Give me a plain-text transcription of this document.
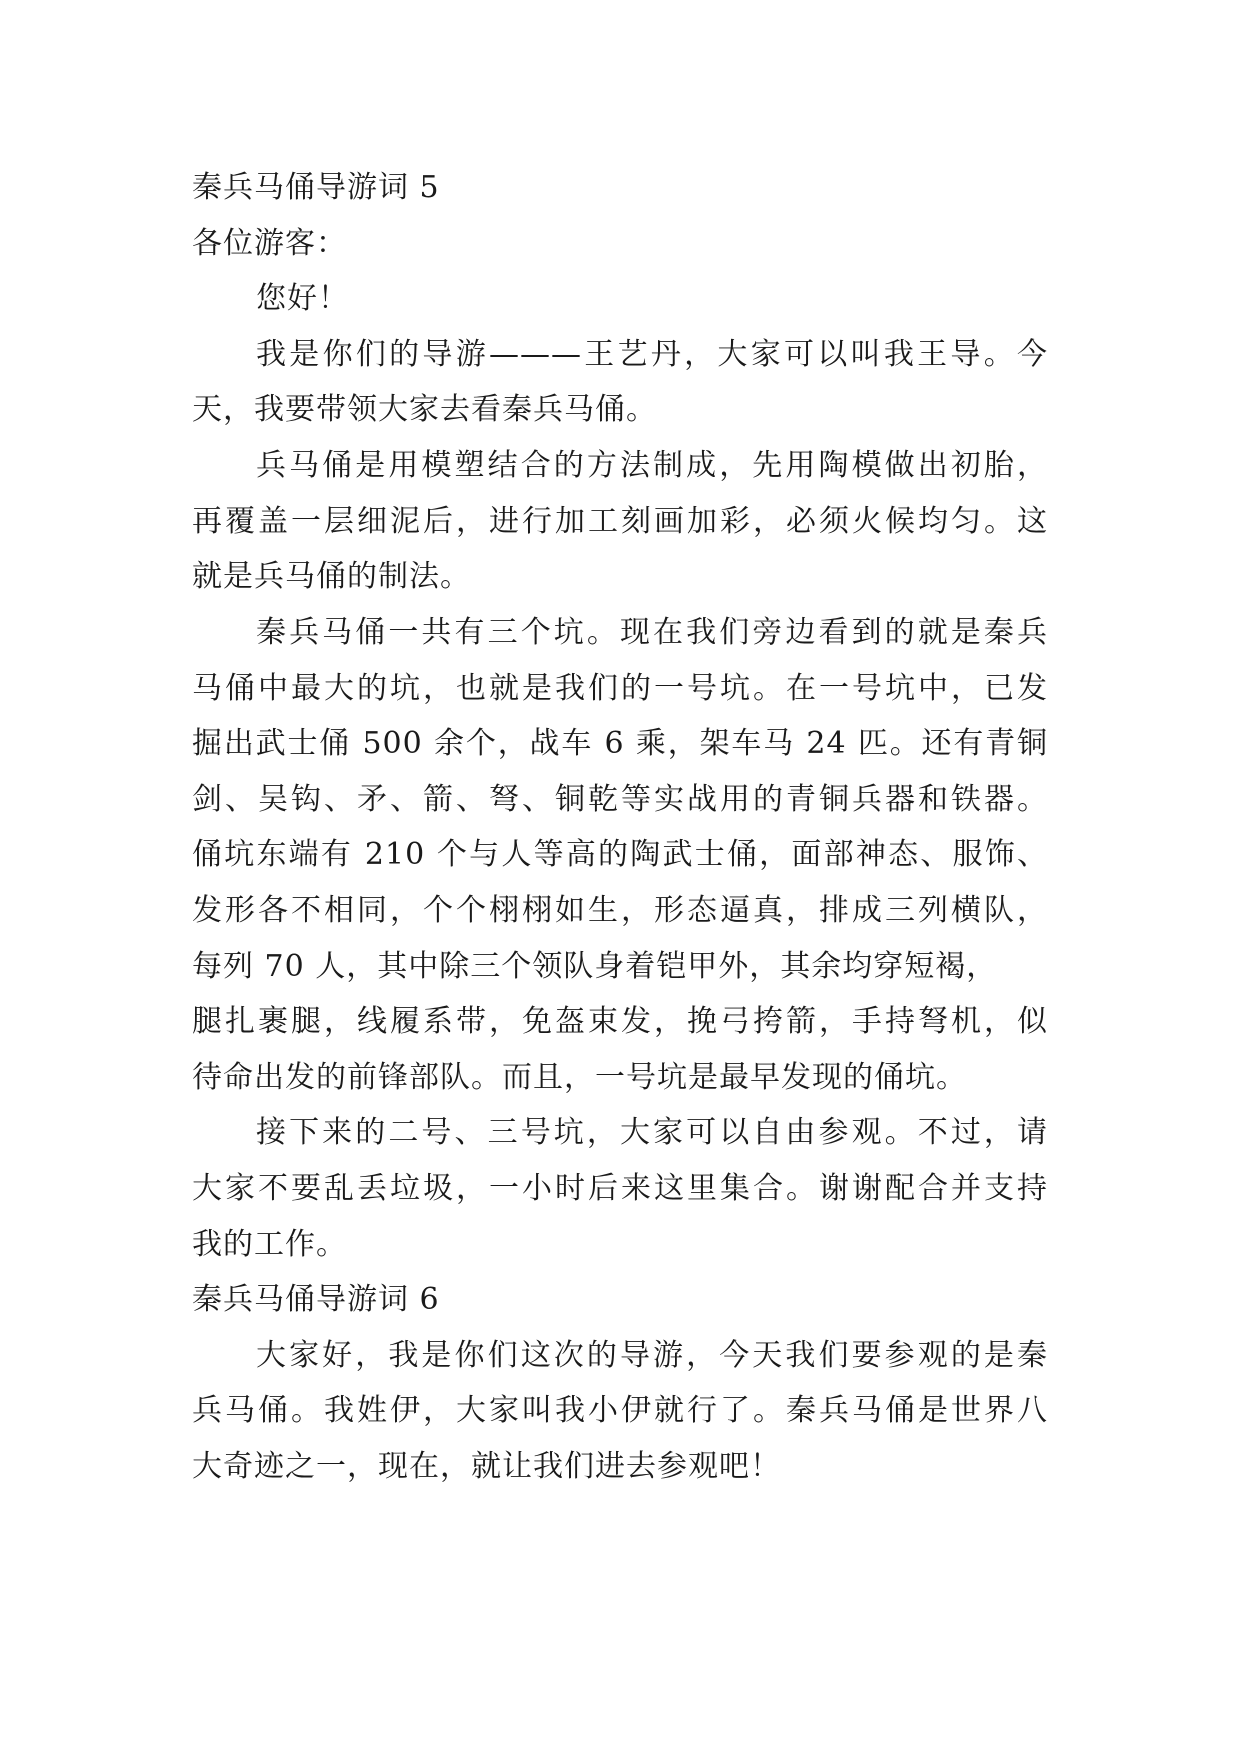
秦兵马俑导游词 5

各位游客：

您好！

我是你们的导游———王艺丹，大家可以叫我王导。今

天，我要带领大家去看秦兵马俑。

兵马俑是用模塑结合的方法制成，先用陶模做出初胎，

再覆盖一层细泥后，进行加工刻画加彩，必须火候均匀。这

就是兵马俑的制法。

秦兵马俑一共有三个坑。现在我们旁边看到的就是秦兵

马俑中最大的坑，也就是我们的一号坑。在一号坑中，已发

掘出武士俑 500 余个，战车 6 乘，架车马 24 匹。还有青铜

剑、吴钩、矛、箭、弩、铜乾等实战用的青铜兵器和铁器。

俑坑东端有 210 个与人等高的陶武士俑，面部神态、服饰、

发形各不相同，个个栩栩如生，形态逼真，排成三列横队，

每列 70 人，其中除三个领队身着铠甲外，其余均穿短褐，

腿扎裹腿，线履系带，免盔束发，挽弓挎箭，手持弩机，似

待命出发的前锋部队。而且，一号坑是最早发现的俑坑。

接下来的二号、三号坑，大家可以自由参观。不过，请

大家不要乱丢垃圾，一小时后来这里集合。谢谢配合并支持

我的工作。

秦兵马俑导游词 6

大家好，我是你们这次的导游，今天我们要参观的是秦

兵马俑。我姓伊，大家叫我小伊就行了。秦兵马俑是世界八

大奇迹之一，现在，就让我们进去参观吧！
